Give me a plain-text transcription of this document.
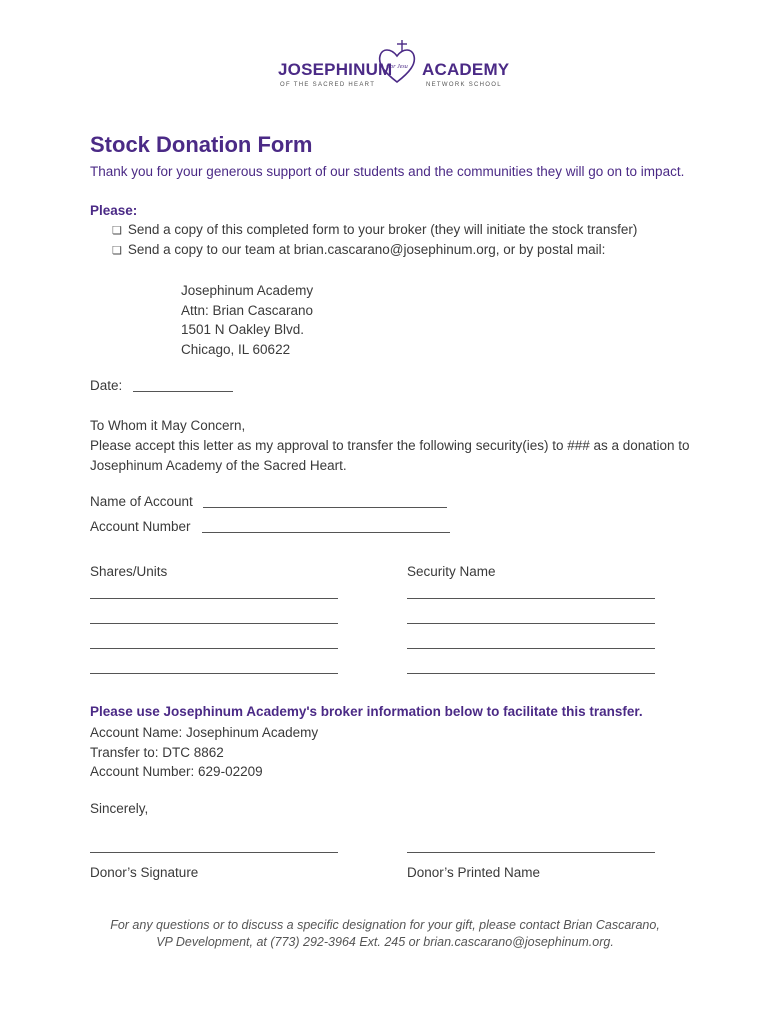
JOSEPHINUM
Cor Jesu ACADEMY
OF THE SACRED HEART	NETWORK SCHOOL
Stock Donation Form
Thank you for your generous support of our students and the communities they will go on to impact.
Please:
❏ Send a copy of this completed form to your broker (they will initiate the stock transfer)
❏ Send a copy to our team at brian.cascarano@josephinum.org, or by postal mail:
Josephinum Academy
Attn: Brian Cascarano
1501 N Oakley Blvd.
Chicago, IL 60622
Date:
To Whom it May Concern,
Please accept this letter as my approval to transfer the following security(ies) to ### as a donation to
Josephinum Academy of the Sacred Heart.
Name of Account
Account Number
Shares/Units	Security Name
Please use Josephinum Academy's broker information below to facilitate this transfer.
Account Name: Josephinum Academy
Transfer to: DTC 8862
Account Number: 629-02209
Sincerely,
Donor’s Signature	Donor’s Printed Name
For any questions or to discuss a specific designation for your gift, please contact Brian Cascarano,
VP Development, at (773) 292-3964 Ext. 245 or brian.cascarano@josephinum.org.
